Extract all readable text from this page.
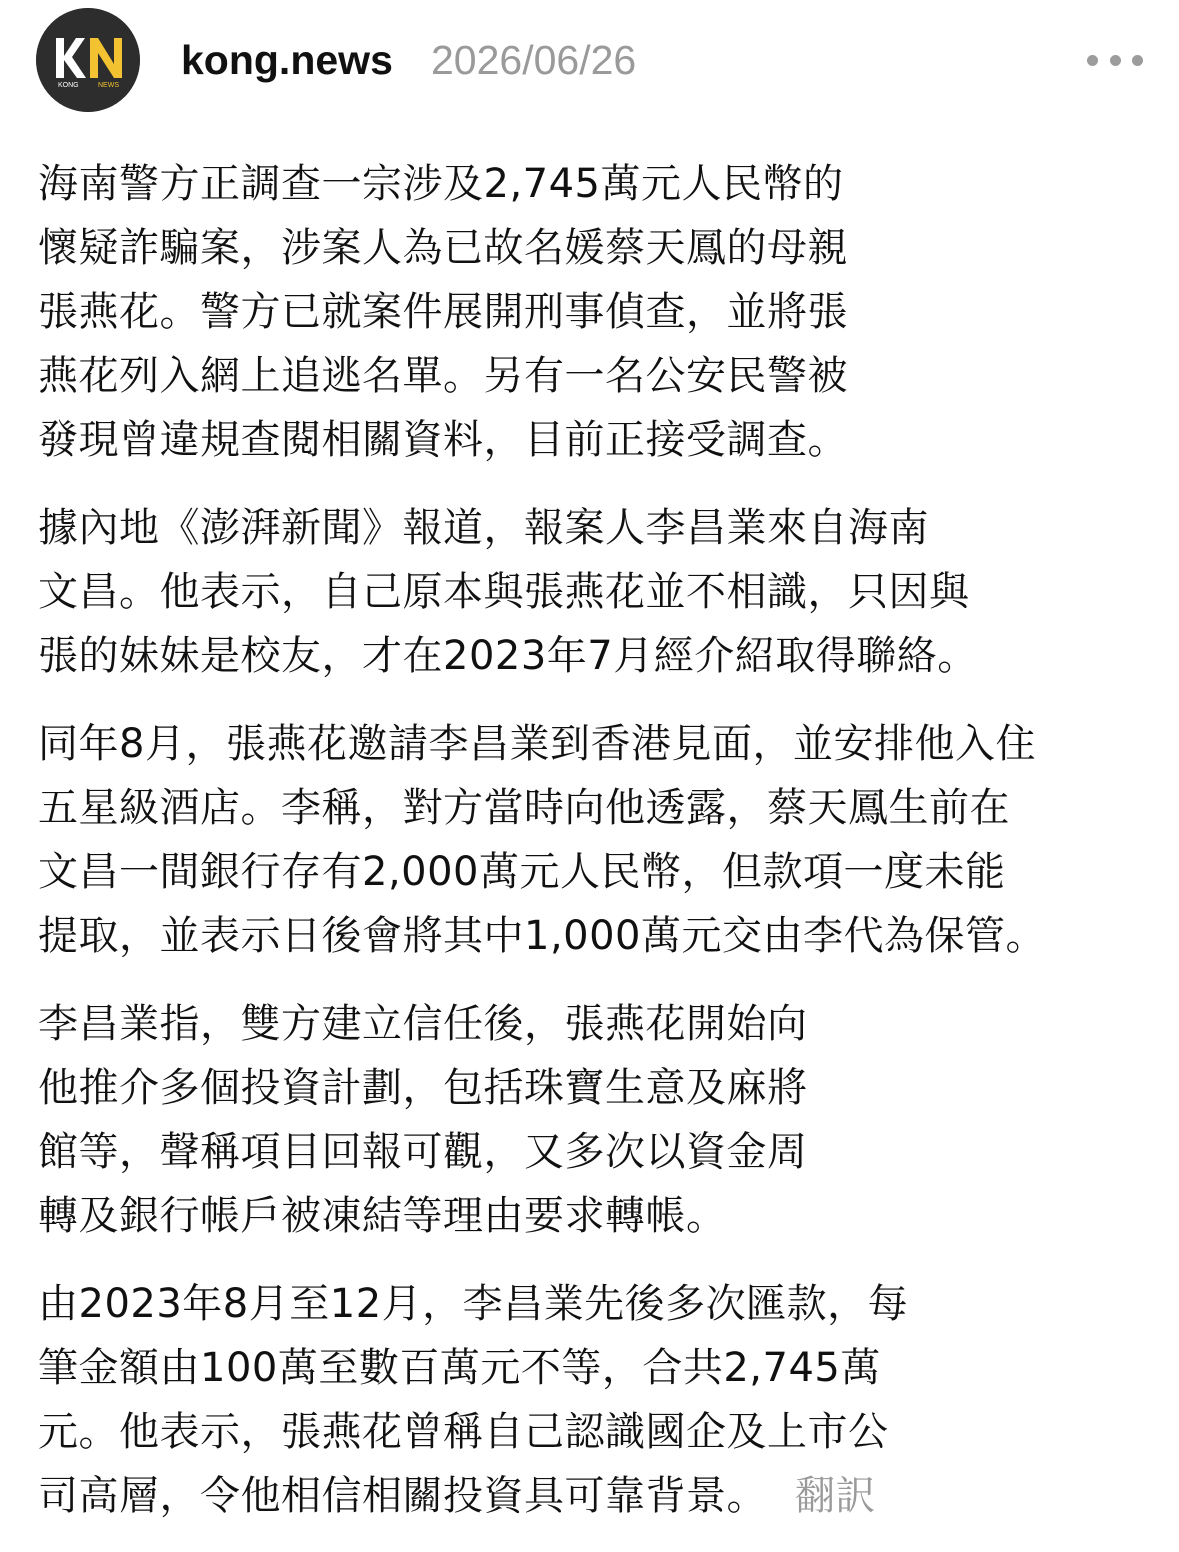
KONG	NEWS
kong.news 2026/06/26
海南警方正調查一宗涉及2,745萬元人民幣的
懷疑詐騙案，涉案人為已故名媛蔡天鳳的母親
張燕花。警方已就案件展開刑事偵查，並將張
燕花列入網上追逃名單。另有一名公安民警被
發現曾違規查閱相關資料，目前正接受調查。
據內地《澎湃新聞》報道，報案人李昌業來自海南
文昌。他表示，自己原本與張燕花並不相識，只因與
張的妹妹是校友，才在2023年7月經介紹取得聯絡。
同年8月，張燕花邀請李昌業到香港見面，並安排他入住
五星級酒店。李稱，對方當時向他透露，蔡天鳳生前在
文昌一間銀行存有2,000萬元人民幣，但款項一度未能
提取，並表示日後會將其中1,000萬元交由李代為保管。
李昌業指，雙方建立信任後，張燕花開始向
他推介多個投資計劃，包括珠寶生意及麻將
館等，聲稱項目回報可觀，又多次以資金周
轉及銀行帳戶被凍結等理由要求轉帳。
由2023年8月至12月，李昌業先後多次匯款，每
筆金額由100萬至數百萬元不等，合共2,745萬
元。他表示，張燕花曾稱自己認識國企及上市公
司高層，令他相信相關投資具可靠背景。 翻訳
